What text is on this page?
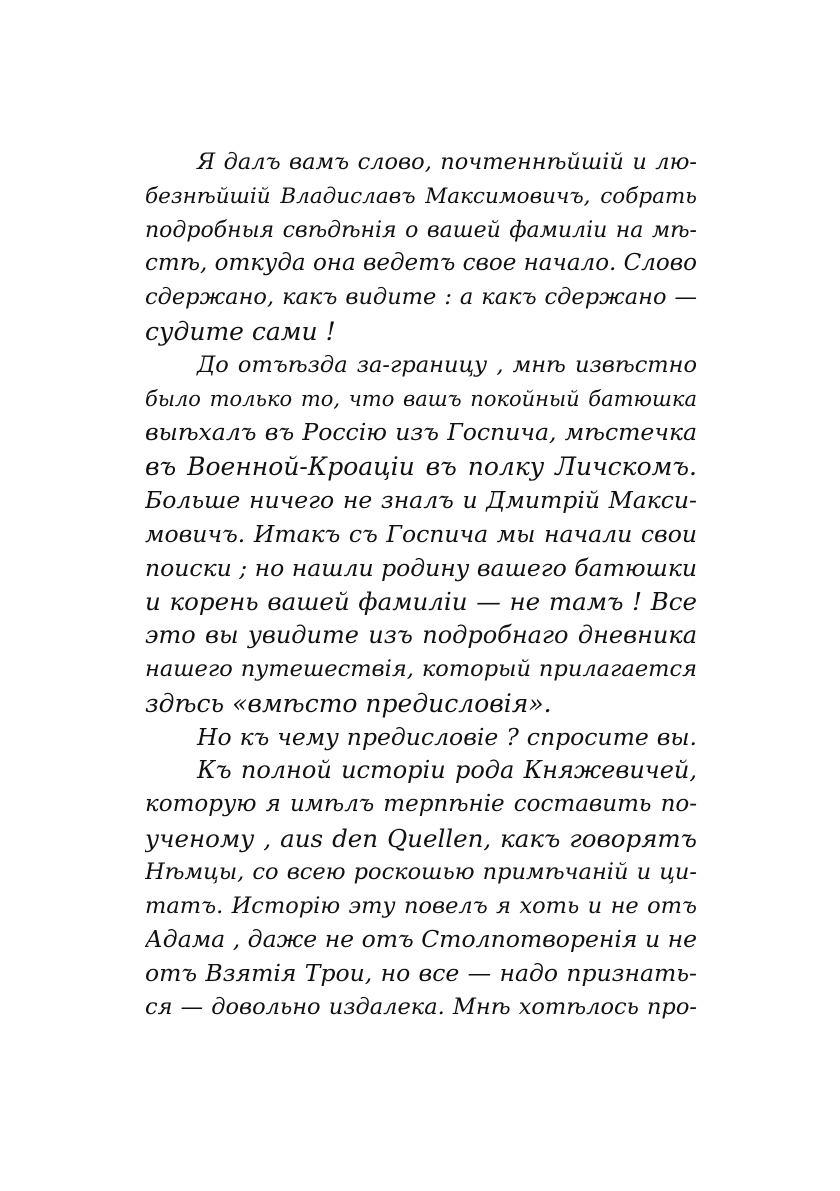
Я далъ вамъ слово, почтеннѣйшій и лю-
безнѣйшій Владиславъ Максимовичъ, собрать
подробныя свѣдѣнія о вашей фамиліи на мѣ-
стѣ, откуда она ведетъ свое начало. Слово
сдержано, какъ видите : а какъ сдержано —
судите сами !
До отъѣзда за-границу , мнѣ извѣстно
было только то, что вашъ покойный батюшка
выѣхалъ въ Россію изъ Госпича, мѣстечка
въ Военной-Кроаціи въ полку Личскомъ.
Больше ничего не зналъ и Дмитрій Макси-
мовичъ. Итакъ съ Госпича мы начали свои
поиски ; но нашли родину вашего батюшки
и корень вашей фамиліи — не тамъ ! Все
это вы увидите изъ подробнаго дневника
нашего путешествія, который прилагается
здѣсь «вмѣсто предисловія».
Но къ чему предисловіе ? спросите вы.
Къ полной исторіи рода Княжевичей,
которую я имѣлъ терпѣніе составить по-
ученому , aus den Quellen, какъ говорятъ
Нѣмцы, со всею роскошью примѣчаній и ци-
татъ. Исторію эту повелъ я хоть и не отъ
Адама , даже не отъ Столпотворенія и не
отъ Взятія Трои, но все — надо признать-
ся — довольно издалека. Мнѣ хотѣлось про-
